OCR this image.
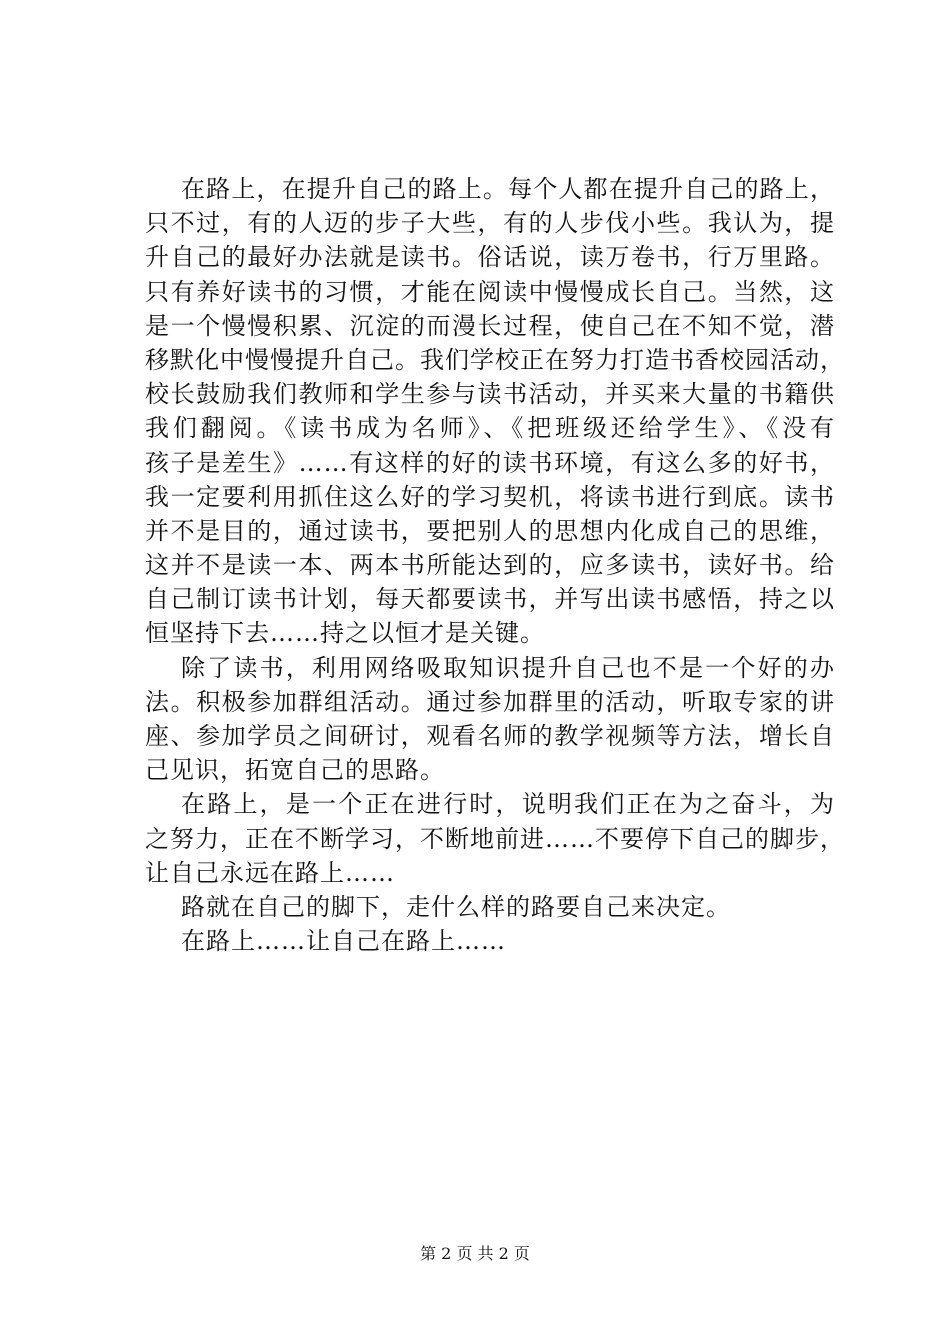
在路上，在提升自己的路上。每个人都在提升自己的路上，
只不过，有的人迈的步子大些，有的人步伐小些。我认为，提
升自己的最好办法就是读书。俗话说，读万卷书，行万里路。
只有养好读书的习惯，才能在阅读中慢慢成长自己。当然，这
是一个慢慢积累、沉淀的而漫长过程，使自己在不知不觉，潜
移默化中慢慢提升自己。我们学校正在努力打造书香校园活动，
校长鼓励我们教师和学生参与读书活动，并买来大量的书籍供
我们翻阅。《读书成为名师》、《把班级还给学生》、《没有
孩子是差生》……有这样的好的读书环境，有这么多的好书，
我一定要利用抓住这么好的学习契机，将读书进行到底。读书
并不是目的，通过读书，要把别人的思想内化成自己的思维，
这并不是读一本、两本书所能达到的，应多读书，读好书。给
自己制订读书计划，每天都要读书，并写出读书感悟，持之以
恒坚持下去……持之以恒才是关键。
除了读书，利用网络吸取知识提升自己也不是一个好的办
法。积极参加群组活动。通过参加群里的活动，听取专家的讲
座、参加学员之间研讨，观看名师的教学视频等方法，增长自
己见识，拓宽自己的思路。
在路上，是一个正在进行时，说明我们正在为之奋斗，为
之努力，正在不断学习，不断地前进……不要停下自己的脚步，
让自己永远在路上……
路就在自己的脚下，走什么样的路要自己来决定。
在路上……让自己在路上……
第 2 页 共 2 页
